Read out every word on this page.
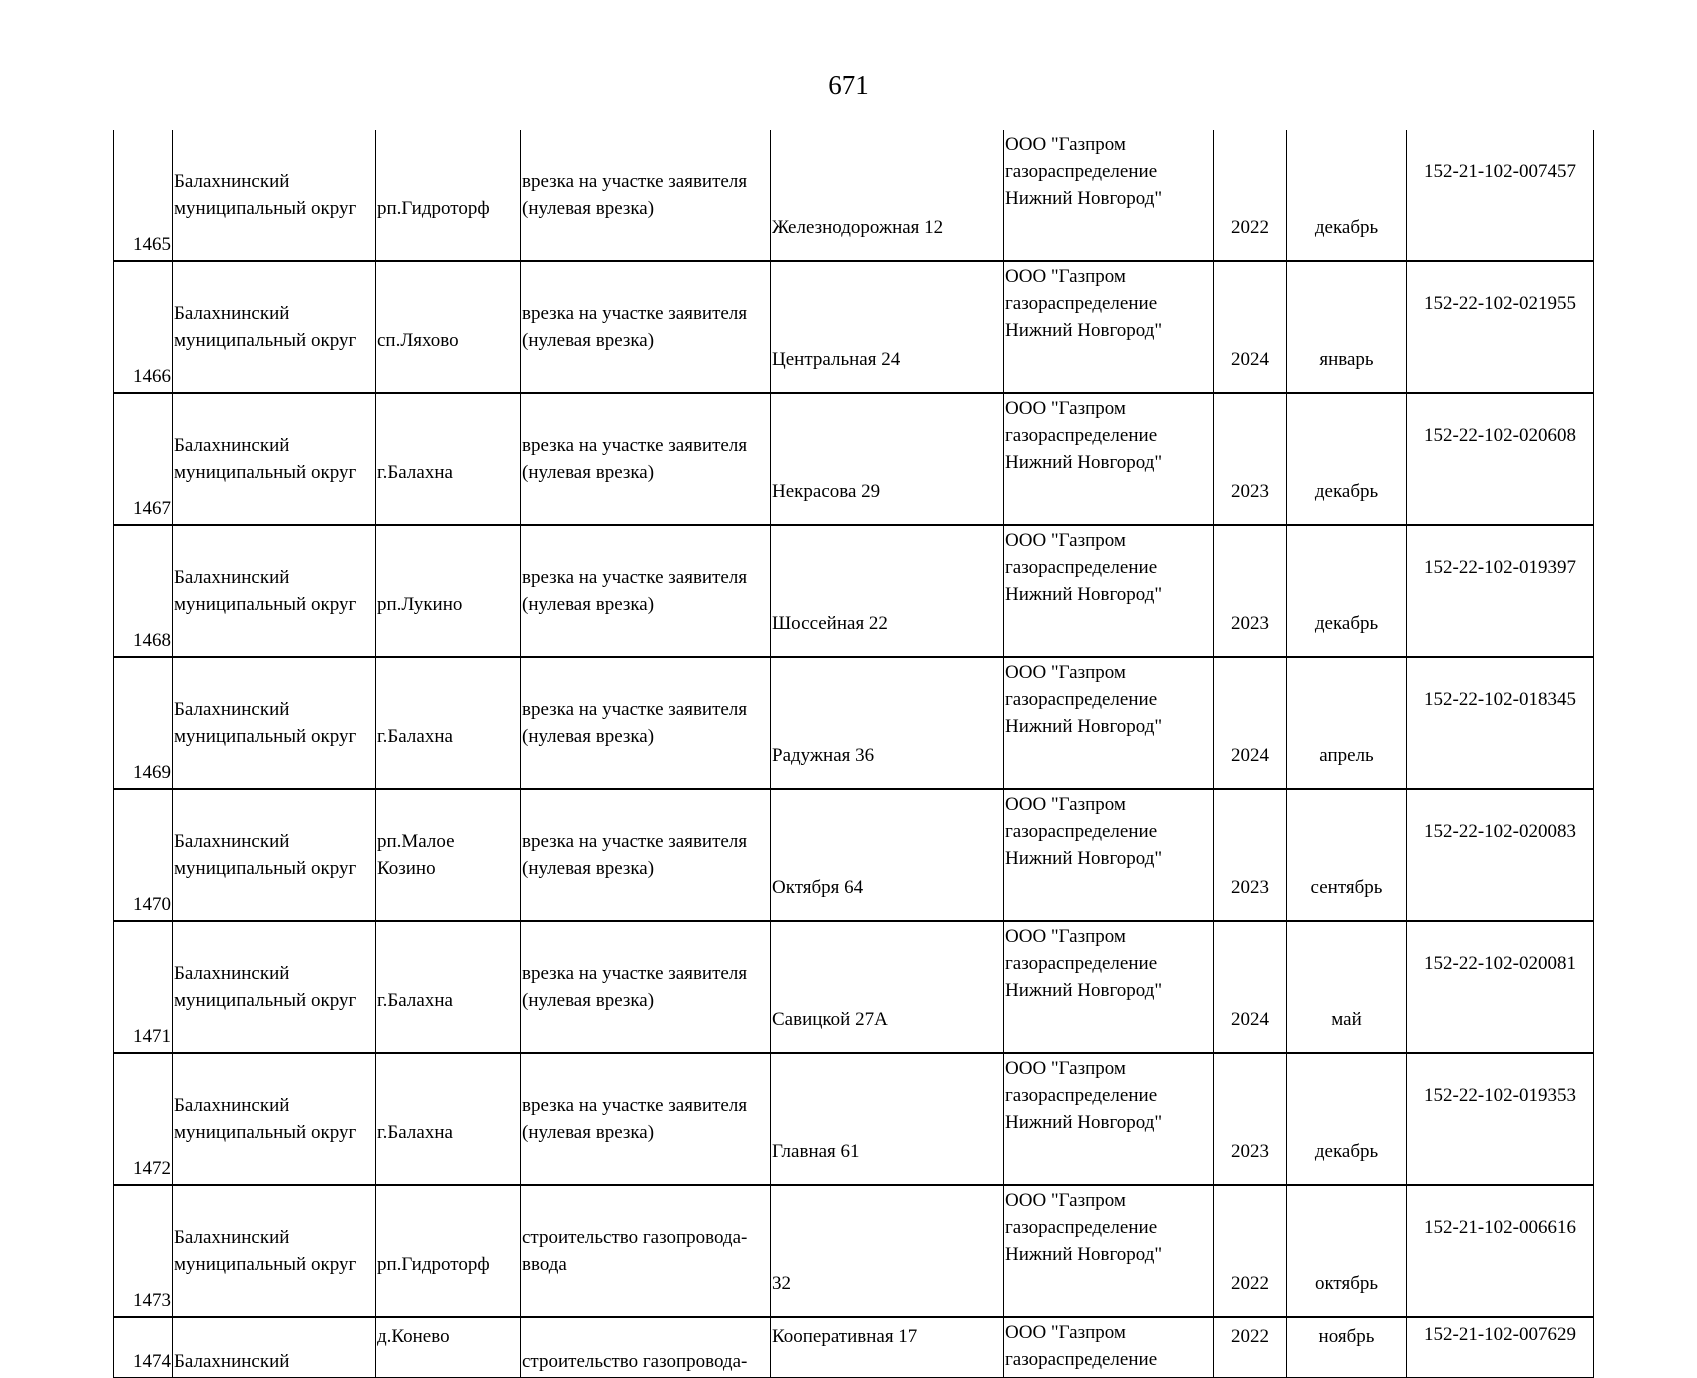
671
1465	Балахнинский
муниципальный округ	рп.Гидроторф	врезка на участке заявителя
(нулевая врезка)	Железнодорожная 12	ООО "Газпром
газораспределение
Нижний Новгород"	2022	декабрь	152-21-102-007457
1466	Балахнинский
муниципальный округ	сп.Ляхово	врезка на участке заявителя
(нулевая врезка)	Центральная 24	ООО "Газпром
газораспределение
Нижний Новгород"	2024	январь	152-22-102-021955
1467	Балахнинский
муниципальный округ	г.Балахна	врезка на участке заявителя
(нулевая врезка)	Некрасова 29	ООО "Газпром
газораспределение
Нижний Новгород"	2023	декабрь	152-22-102-020608
1468	Балахнинский
муниципальный округ	рп.Лукино	врезка на участке заявителя
(нулевая врезка)	Шоссейная 22	ООО "Газпром
газораспределение
Нижний Новгород"	2023	декабрь	152-22-102-019397
1469	Балахнинский
муниципальный округ	г.Балахна	врезка на участке заявителя
(нулевая врезка)	Радужная 36	ООО "Газпром
газораспределение
Нижний Новгород"	2024	апрель	152-22-102-018345
1470	Балахнинский
муниципальный округ	рп.Малое
Козино	врезка на участке заявителя
(нулевая врезка)	Октября 64	ООО "Газпром
газораспределение
Нижний Новгород"	2023	сентябрь	152-22-102-020083
1471	Балахнинский
муниципальный округ	г.Балахна	врезка на участке заявителя
(нулевая врезка)	Савицкой 27А	ООО "Газпром
газораспределение
Нижний Новгород"	2024	май	152-22-102-020081
1472	Балахнинский
муниципальный округ	г.Балахна	врезка на участке заявителя
(нулевая врезка)	Главная 61	ООО "Газпром
газораспределение
Нижний Новгород"	2023	декабрь	152-22-102-019353
1473	Балахнинский
муниципальный округ	рп.Гидроторф	строительство газопровода-
ввода	32	ООО "Газпром
газораспределение
Нижний Новгород"	2022	октябрь	152-21-102-006616
1474	Балахнинский	д.Конево	строительство газопровода-	Кооперативная 17	ООО "Газпром
газораспределение	2022	ноябрь	152-21-102-007629
